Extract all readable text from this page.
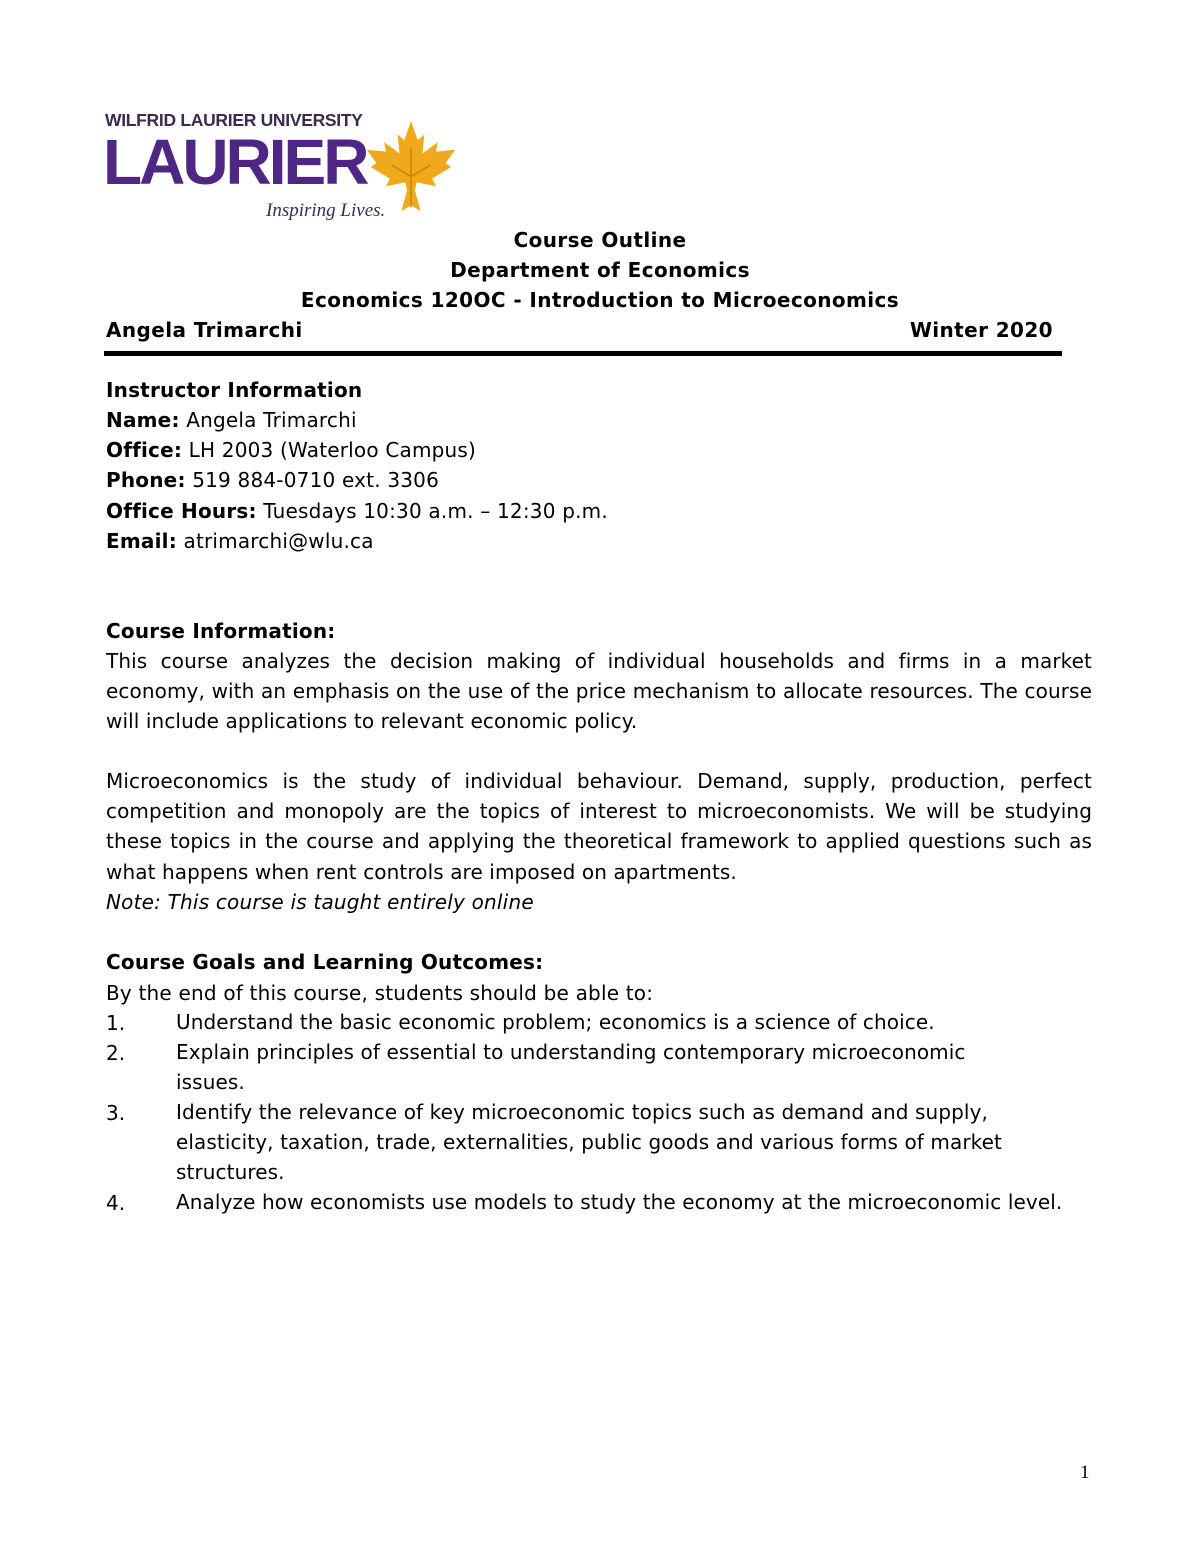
WILFRID LAURIER UNIVERSITY
LAURIER
Inspiring Lives.
Course Outline
Department of Economics
Economics 120OC - Introduction to Microeconomics
Angela Trimarchi	Winter 2020
Instructor Information
Name: Angela Trimarchi
Office: LH 2003 (Waterloo Campus)
Phone: 519 884-0710 ext. 3306
Office Hours: Tuesdays 10:30 a.m. – 12:30 p.m.
Email: atrimarchi@wlu.ca
Course Information:
This course analyzes the decision making of individual households and firms in a market economy, with an emphasis on the use of the price mechanism to allocate resources. The course will include applications to relevant economic policy.
Microeconomics is the study of individual behaviour. Demand, supply, production, perfect competition and monopoly are the topics of interest to microeconomists. We will be studying these topics in the course and applying the theoretical framework to applied questions such as what happens when rent controls are imposed on apartments.
Note: This course is taught entirely online
Course Goals and Learning Outcomes:
By the end of this course, students should be able to:
1.	Understand the basic economic problem; economics is a science of choice.
2.	Explain principles of essential to understanding contemporary microeconomic issues.
3.	Identify the relevance of key microeconomic topics such as demand and supply, elasticity, taxation, trade, externalities, public goods and various forms of market structures.
4.	Analyze how economists use models to study the economy at the microeconomic level.
1
